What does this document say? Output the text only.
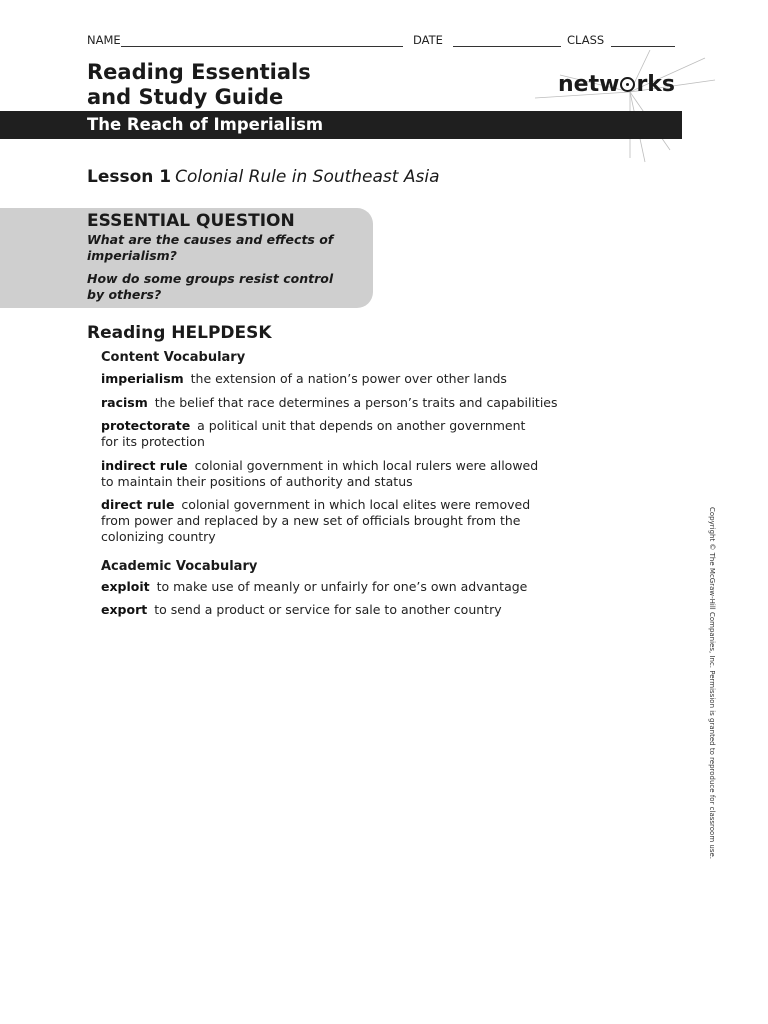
NAME	DATE	CLASS
Reading Essentials
and Study Guide	netw rks
The Reach of Imperialism
Lesson 1 Colonial Rule in Southeast Asia
ESSENTIAL QUESTION
What are the causes and effects of imperialism?
How do some groups resist control by others?
Reading HELPDESK
Content Vocabulary
imperialism the extension of a nation’s power over other lands
racism the belief that race determines a person’s traits and capabilities
protectorate a political unit that depends on another government for its protection
indirect rule colonial government in which local rulers were allowed to maintain their positions of authority and status
direct rule colonial government in which local elites were removed from power and replaced by a new set of officials brought from the colonizing country
Academic Vocabulary
exploit to make use of meanly or unfairly for one’s own advantage
export to send a product or service for sale to another country	Copyright © The McGraw-Hill Companies, Inc. Permission is granted to reproduce for classroom use.
